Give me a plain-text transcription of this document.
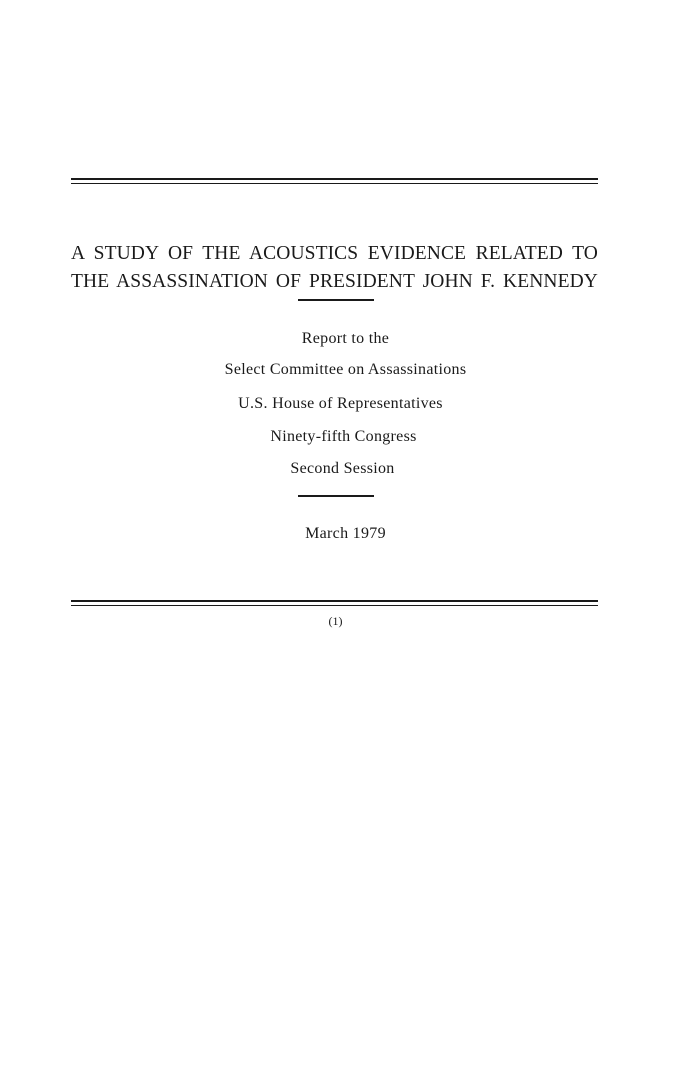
A STUDY OF THE ACOUSTICS EVIDENCE RELATED TO
THE ASSASSINATION OF PRESIDENT JOHN F. KENNEDY
Report to the
Select Committee on Assassinations
U.S. House of Representatives
Ninety-fifth Congress
Second Session
March 1979
(1)
